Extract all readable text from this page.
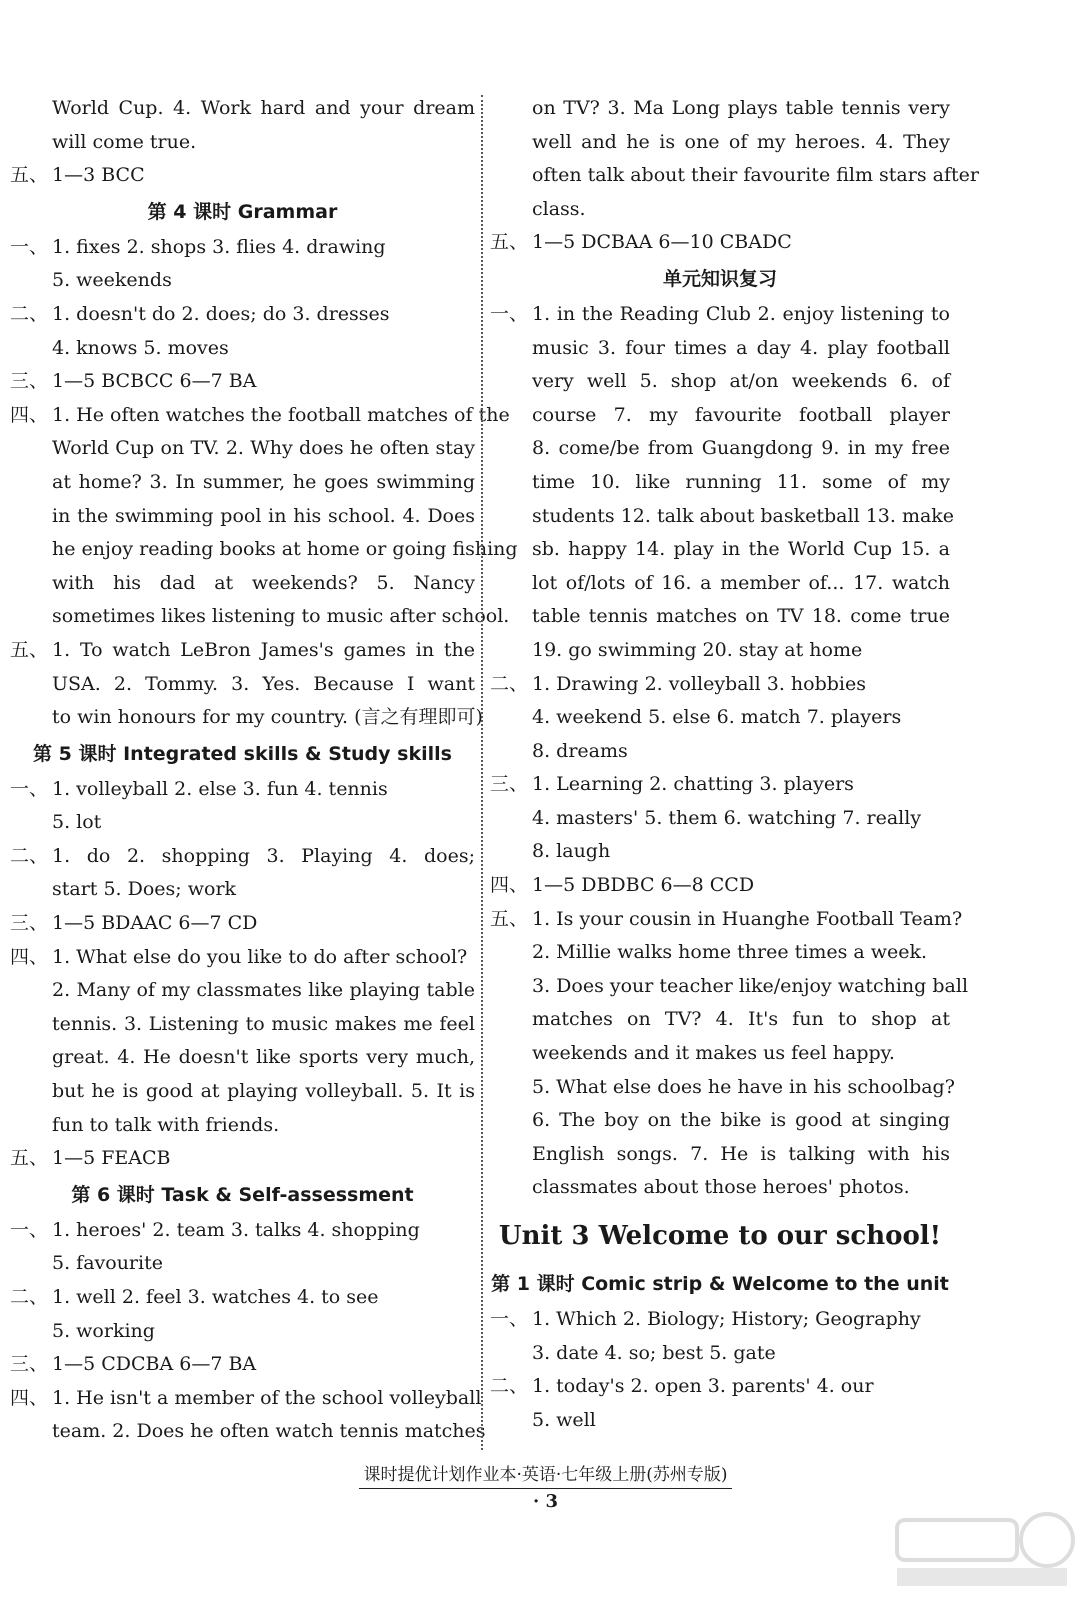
World Cup. 4. Work hard and your dream
will come true.
五、 1—3 BCC
第 4 课时 Grammar
一、 1. fixes 2. shops 3. flies 4. drawing
5. weekends
二、 1. doesn't do 2. does; do 3. dresses
4. knows 5. moves
三、 1—5 BCBCC 6—7 BA
四、 1. He often watches the football matches of the
World Cup on TV. 2. Why does he often stay
at home? 3. In summer, he goes swimming
in the swimming pool in his school. 4. Does
he enjoy reading books at home or going fishing
with his dad at weekends? 5. Nancy
sometimes likes listening to music after school.
五、 1. To watch LeBron James's games in the
USA. 2. Tommy. 3. Yes. Because I want
to win honours for my country. (言之有理即可)
第 5 课时 Integrated skills & Study skills
一、 1. volleyball 2. else 3. fun 4. tennis
5. lot
二、 1. do 2. shopping 3. Playing 4. does;
start 5. Does; work
三、 1—5 BDAAC 6—7 CD
四、 1. What else do you like to do after school?
2. Many of my classmates like playing table
tennis. 3. Listening to music makes me feel
great. 4. He doesn't like sports very much,
but he is good at playing volleyball. 5. It is
fun to talk with friends.
五、 1—5 FEACB
第 6 课时 Task & Self-assessment
一、 1. heroes' 2. team 3. talks 4. shopping
5. favourite
二、 1. well 2. feel 3. watches 4. to see
5. working
三、 1—5 CDCBA 6—7 BA
四、 1. He isn't a member of the school volleyball
team. 2. Does he often watch tennis matches
on TV? 3. Ma Long plays table tennis very
well and he is one of my heroes. 4. They
often talk about their favourite film stars after
class.
五、 1—5 DCBAA 6—10 CBADC
单元知识复习
一、 1. in the Reading Club 2. enjoy listening to
music 3. four times a day 4. play football
very well 5. shop at/on weekends 6. of
course 7. my favourite football player
8. come/be from Guangdong 9. in my free
time 10. like running 11. some of my
students 12. talk about basketball 13. make
sb. happy 14. play in the World Cup 15. a
lot of/lots of 16. a member of... 17. watch
table tennis matches on TV 18. come true
19. go swimming 20. stay at home
二、 1. Drawing 2. volleyball 3. hobbies
4. weekend 5. else 6. match 7. players
8. dreams
三、 1. Learning 2. chatting 3. players
4. masters' 5. them 6. watching 7. really
8. laugh
四、 1—5 DBDBC 6—8 CCD
五、 1. Is your cousin in Huanghe Football Team?
2. Millie walks home three times a week.
3. Does your teacher like/enjoy watching ball
matches on TV? 4. It's fun to shop at
weekends and it makes us feel happy.
5. What else does he have in his schoolbag?
6. The boy on the bike is good at singing
English songs. 7. He is talking with his
classmates about those heroes' photos.
Unit 3 Welcome to our school!
第 1 课时 Comic strip & Welcome to the unit
一、 1. Which 2. Biology; History; Geography
3. date 4. so; best 5. gate
二、 1. today's 2. open 3. parents' 4. our
5. well
课时提优计划作业本·英语·七年级上册(苏州专版)
· 3
